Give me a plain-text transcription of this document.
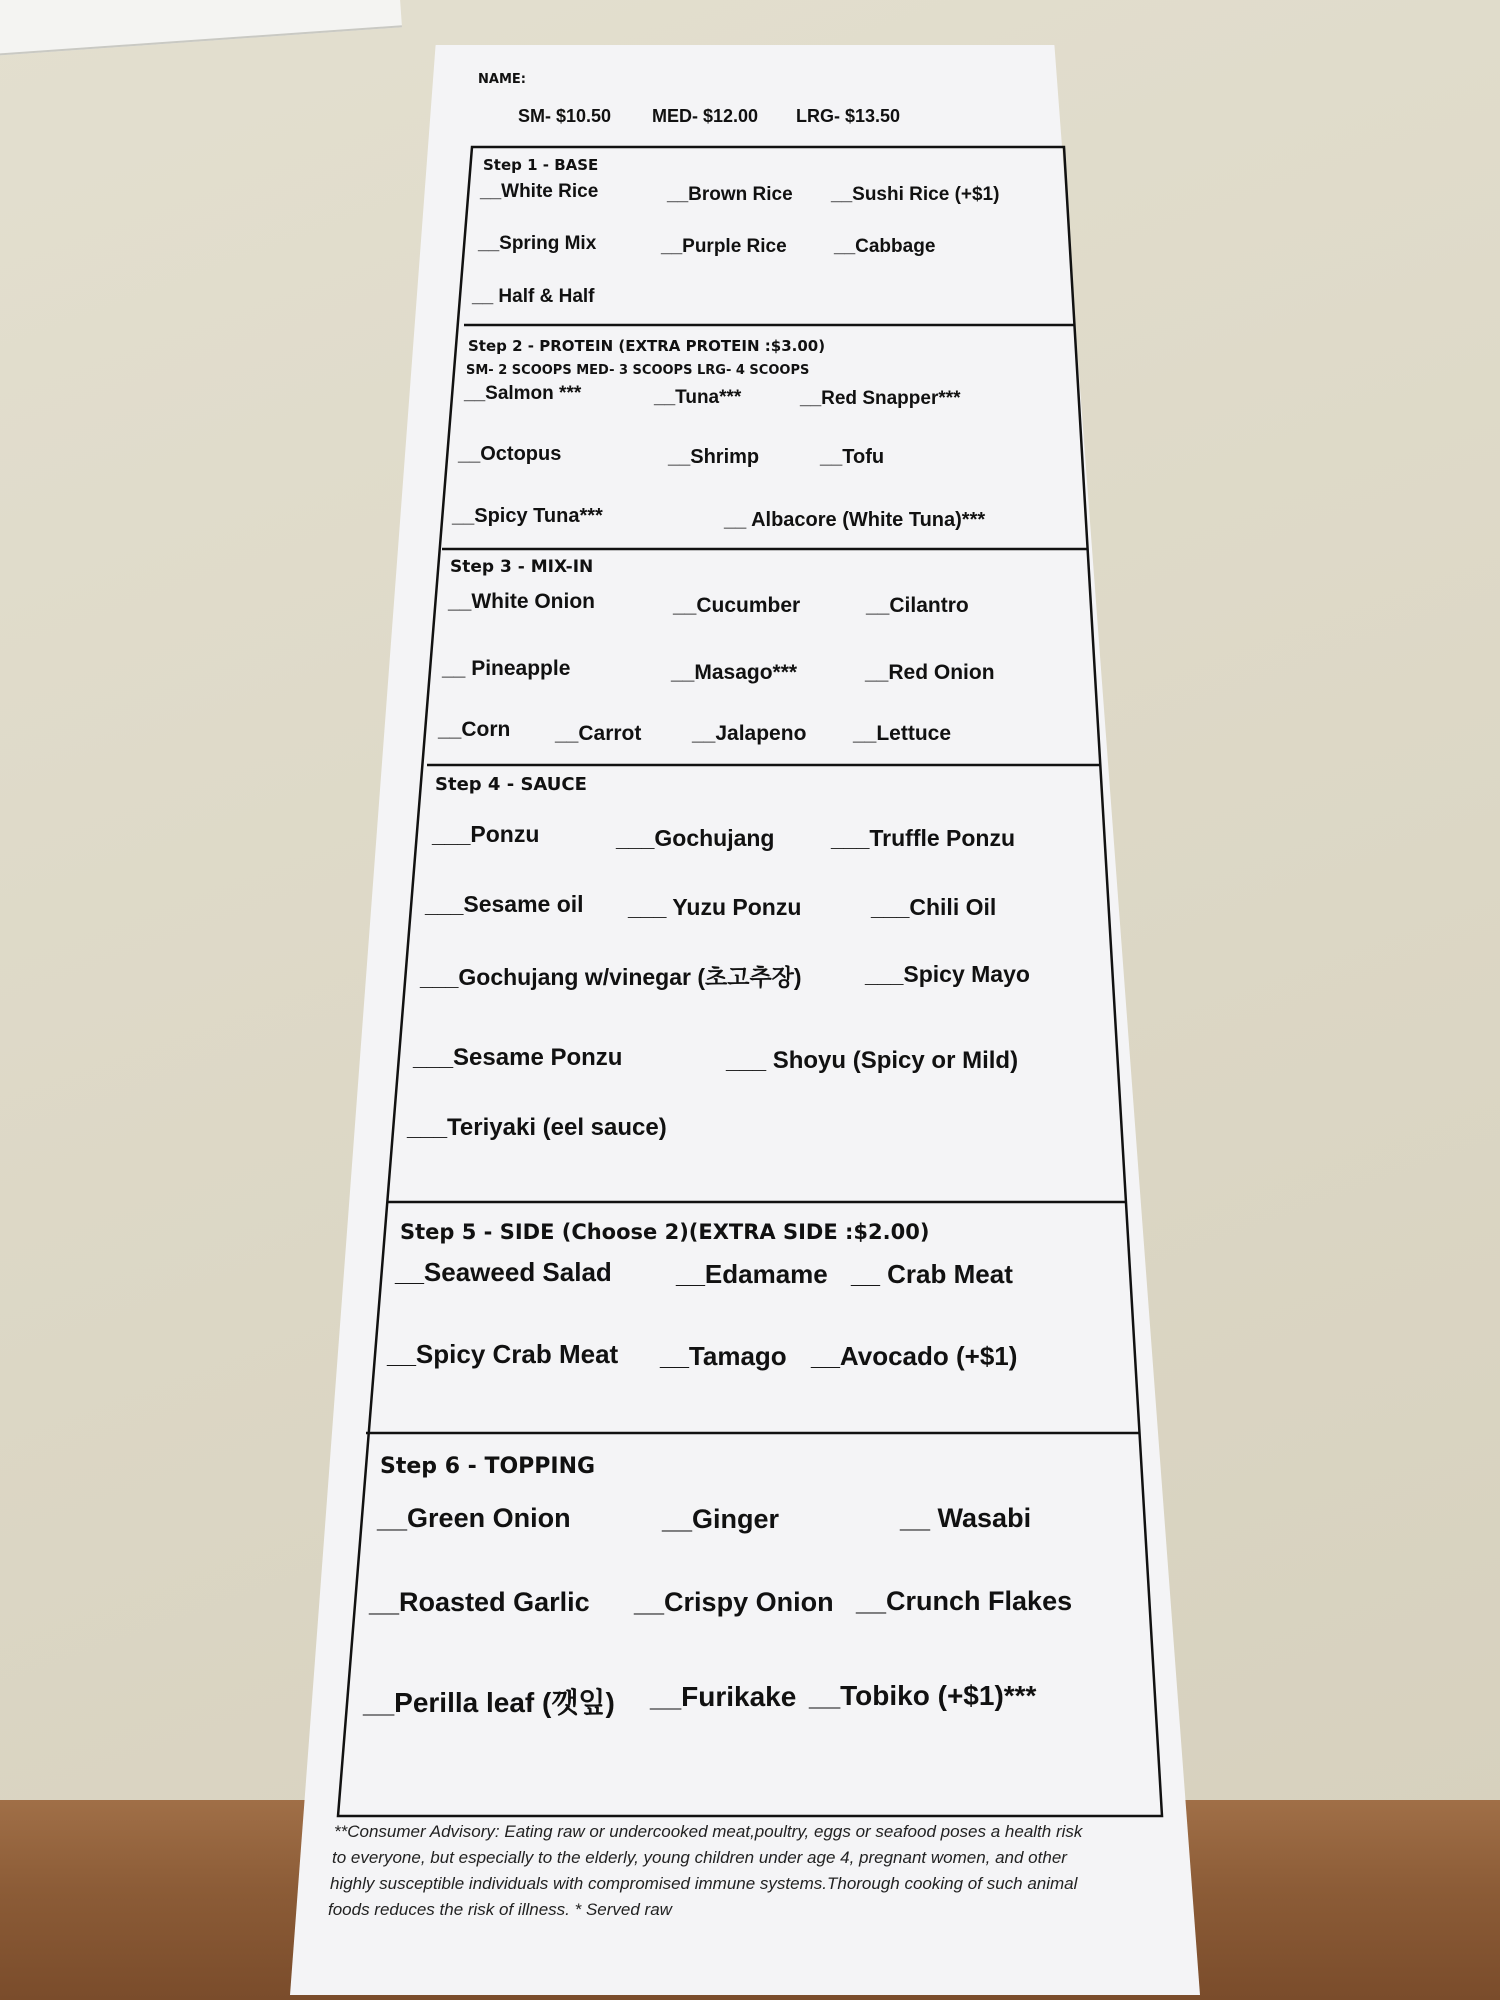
NAME:
SM- $10.50 MED- $12.00 LRG- $13.50
Step 1 - BASE
__White Rice	__Brown Rice __Sushi Rice (+$1)
__Spring Mix	__Purple Rice __Cabbage
__ Half & Half
Step 2 - PROTEIN (EXTRA PROTEIN :$3.00)
SM- 2 SCOOPS MED- 3 SCOOPS LRG- 4 SCOOPS
__Salmon ***	__Tuna***	__Red Snapper***
__Octopus	__Shrimp	__Tofu
__Spicy Tuna***	__ Albacore (White Tuna)***
Step 3 - MIX-IN
__White Onion	__Cucumber	__Cilantro
__ Pineapple	__Masago***	__Red Onion
__Corn __Carrot __Jalapeno __Lettuce
Step 4 - SAUCE
___Ponzu	___Gochujang ___Truffle Ponzu
___Sesame oil ___ Yuzu Ponzu	___Chili Oil
___Gochujang w/vinegar (초고추장)	___Spicy Mayo
___Sesame Ponzu	___ Shoyu (Spicy or Mild)
___Teriyaki (eel sauce)
Step 5 - SIDE (Choose 2)(EXTRA SIDE :$2.00)
__Seaweed Salad __Edamame __ Crab Meat
__Spicy Crab Meat __Tamago __Avocado (+$1)
Step 6 - TOPPING
__Green Onion	__Ginger	__ Wasabi
__Roasted Garlic __Crispy Onion __Crunch Flakes
__Perilla leaf (깻잎) __Furikake __Tobiko (+$1)***
**Consumer Advisory: Eating raw or undercooked meat,poultry, eggs or seafood poses a health risk
to everyone, but especially to the elderly, young children under age 4, pregnant women, and other
highly susceptible individuals with compromised immune systems.Thorough cooking of such animal
foods reduces the risk of illness. * Served raw
